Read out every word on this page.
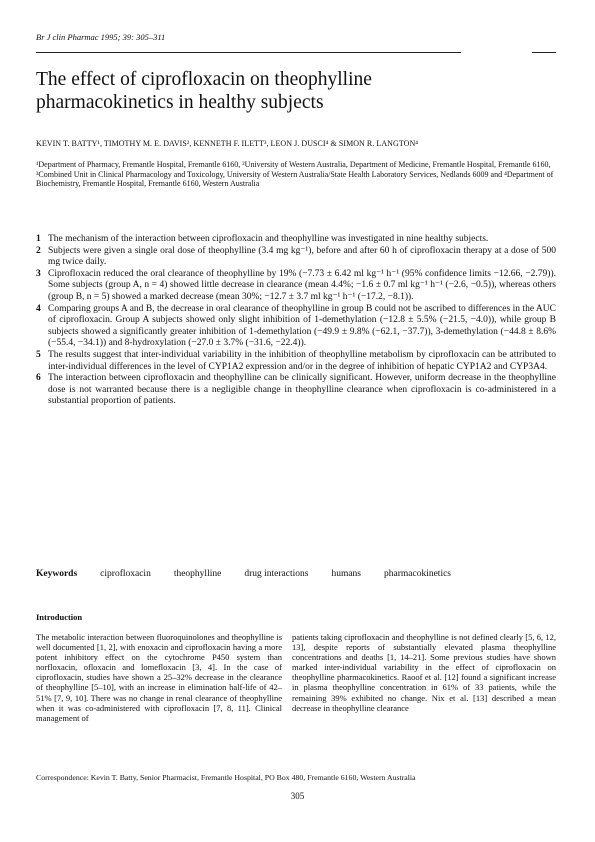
Br J clin Pharmac 1995; 39: 305–311
The effect of ciprofloxacin on theophylline pharmacokinetics in healthy subjects
KEVIN T. BATTY¹, TIMOTHY M. E. DAVIS², KENNETH F. ILETT³, LEON J. DUSCI⁴ & SIMON R. LANGTON⁴
¹Department of Pharmacy, Fremantle Hospital, Fremantle 6160, ²University of Western Australia, Department of Medicine, Fremantle Hospital, Fremantle 6160, ³Combined Unit in Clinical Pharmacology and Toxicology, University of Western Australia/State Health Laboratory Services, Nedlands 6009 and ⁴Department of Biochemistry, Fremantle Hospital, Fremantle 6160, Western Australia
1 The mechanism of the interaction between ciprofloxacin and theophylline was investigated in nine healthy subjects.
2 Subjects were given a single oral dose of theophylline (3.4 mg kg⁻¹), before and after 60 h of ciprofloxacin therapy at a dose of 500 mg twice daily.
3 Ciprofloxacin reduced the oral clearance of theophylline by 19% (−7.73 ± 6.42 ml kg⁻¹ h⁻¹ (95% confidence limits −12.66, −2.79)). Some subjects (group A, n = 4) showed little decrease in clearance (mean 4.4%; −1.6 ± 0.7 ml kg⁻¹ h⁻¹ (−2.6, −0.5)), whereas others (group B, n = 5) showed a marked decrease (mean 30%; −12.7 ± 3.7 ml kg⁻¹ h⁻¹ (−17.2, −8.1)).
4 Comparing groups A and B, the decrease in oral clearance of theophylline in group B could not be ascribed to differences in the AUC of ciprofloxacin. Group A subjects showed only slight inhibition of 1-demethylation (−12.8 ± 5.5% (−21.5, −4.0)), while group B subjects showed a significantly greater inhibition of 1-demethylation (−49.9 ± 9.8% (−62.1, −37.7)), 3-demethylation (−44.8 ± 8.6% (−55.4, −34.1)) and 8-hydroxylation (−27.0 ± 3.7% (−31.6, −22.4)).
5 The results suggest that inter-individual variability in the inhibition of theophylline metabolism by ciprofloxacin can be attributed to inter-individual differences in the level of CYP1A2 expression and/or in the degree of inhibition of hepatic CYP1A2 and CYP3A4.
6 The interaction between ciprofloxacin and theophylline can be clinically significant. However, uniform decrease in the theophylline dose is not warranted because there is a negligible change in theophylline clearance when ciprofloxacin is co-administered in a substantial proportion of patients.
Keywords ciprofloxacin theophylline drug interactions humans pharmacokinetics
Introduction
The metabolic interaction between fluoroquinolones and theophylline is well documented [1, 2], with enoxacin and ciprofloxacin having a more potent inhibitory effect on the cytochrome P450 system than norfloxacin, ofloxacin and lomefloxacin [3, 4]. In the case of ciprofloxacin, studies have shown a 25–32% decrease in the clearance of theophylline [5–10], with an increase in elimination half-life of 42–51% [7, 9, 10]. There was no change in renal clearance of theophylline when it was co-administered with ciprofloxacin [7, 8, 11]. Clinical management of
patients taking ciprofloxacin and theophylline is not defined clearly [5, 6, 12, 13], despite reports of substantially elevated plasma theophylline concentrations and deaths [1, 14–21]. Some previous studies have shown marked inter-individual variability in the effect of ciprofloxacin on theophylline pharmacokinetics. Raoof et al. [12] found a significant increase in plasma theophylline concentration in 61% of 33 patients, while the remaining 39% exhibited no change. Nix et al. [13] described a mean decrease in theophylline clearance
Correspondence: Kevin T. Batty, Senior Pharmacist, Fremantle Hospital, PO Box 480, Fremantle 6160, Western Australia
305
